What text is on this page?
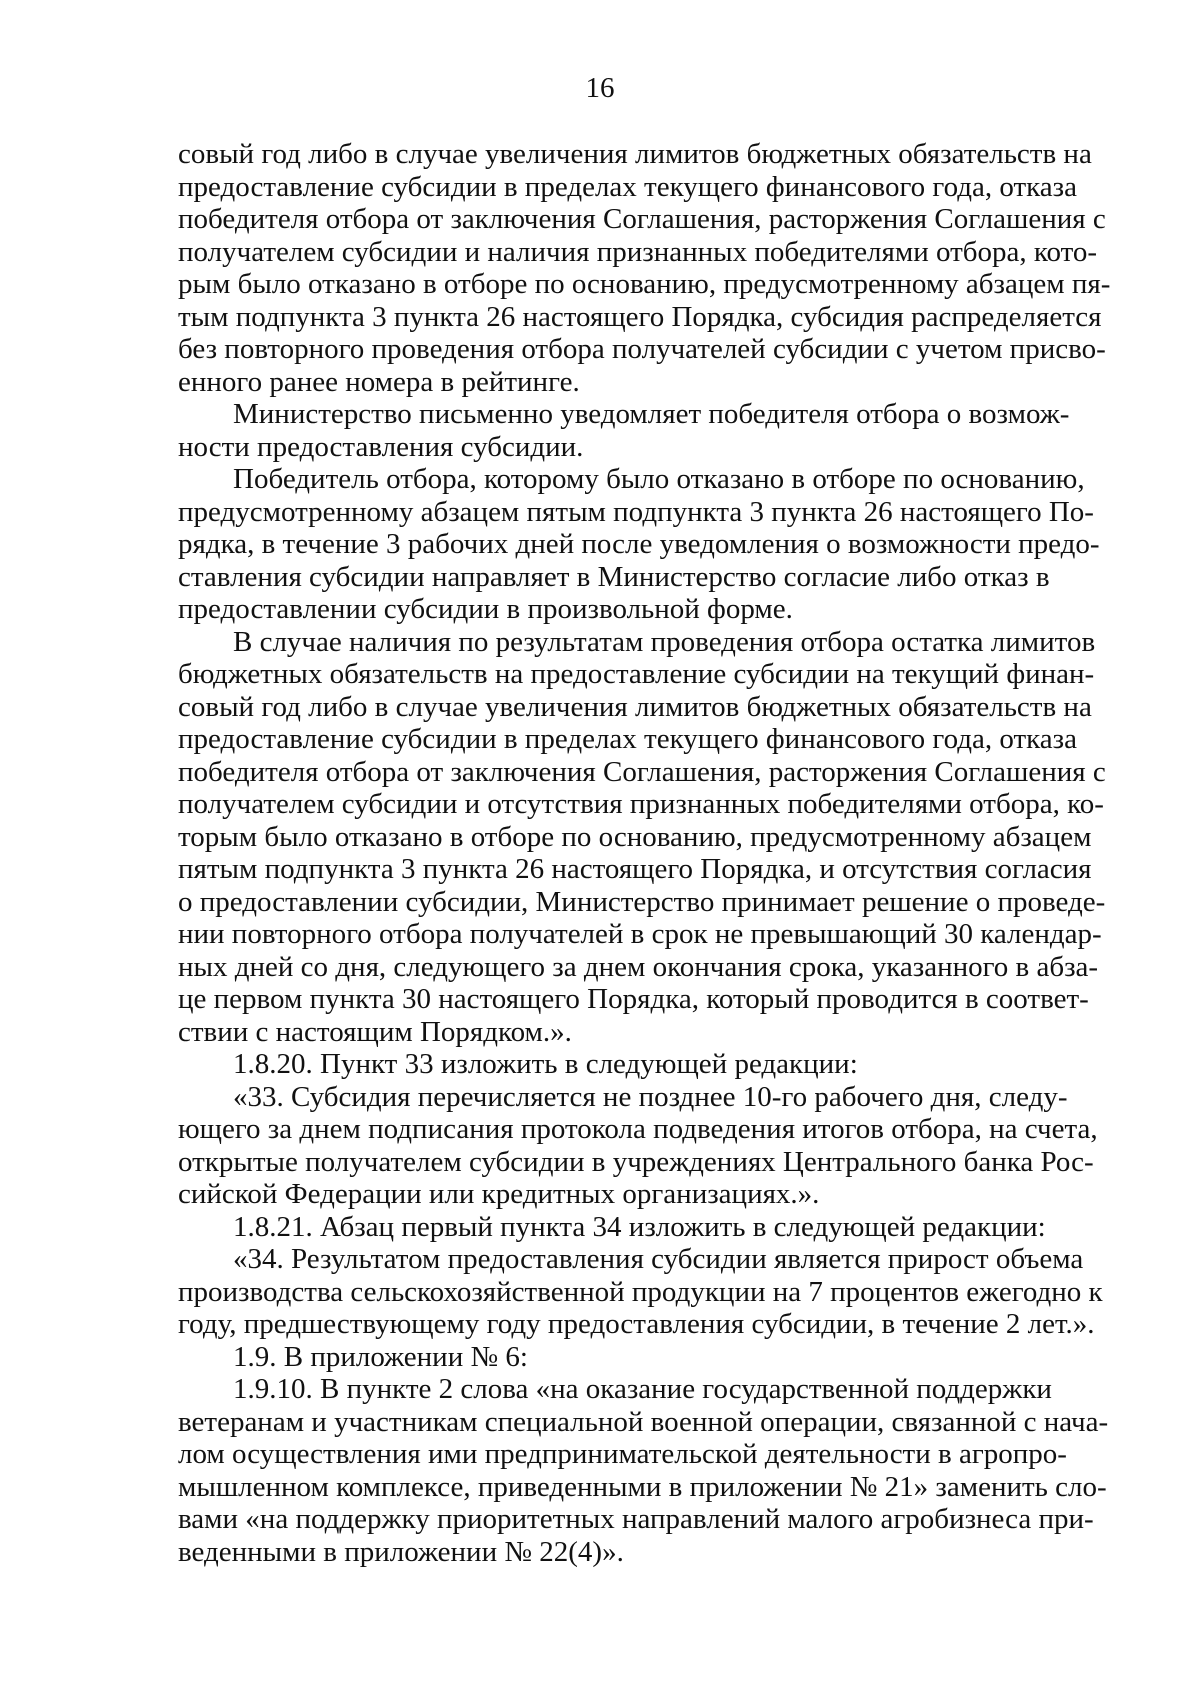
16
совый год либо в случае увеличения лимитов бюджетных обязательств на
предоставление субсидии в пределах текущего финансового года, отказа
победителя отбора от заключения Соглашения, расторжения Соглашения с
получателем субсидии и наличия признанных победителями отбора, кото-
рым было отказано в отборе по основанию, предусмотренному абзацем пя-
тым подпункта 3 пункта 26 настоящего Порядка, субсидия распределяется
без повторного проведения отбора получателей субсидии с учетом присво-
енного ранее номера в рейтинге.
Министерство письменно уведомляет победителя отбора о возмож-
ности предоставления субсидии.
Победитель отбора, которому было отказано в отборе по основанию,
предусмотренному абзацем пятым подпункта 3 пункта 26 настоящего По-
рядка, в течение 3 рабочих дней после уведомления о возможности предо-
ставления субсидии направляет в Министерство согласие либо отказ в
предоставлении субсидии в произвольной форме.
В случае наличия по результатам проведения отбора остатка лимитов
бюджетных обязательств на предоставление субсидии на текущий финан-
совый год либо в случае увеличения лимитов бюджетных обязательств на
предоставление субсидии в пределах текущего финансового года, отказа
победителя отбора от заключения Соглашения, расторжения Соглашения с
получателем субсидии и отсутствия признанных победителями отбора, ко-
торым было отказано в отборе по основанию, предусмотренному абзацем
пятым подпункта 3 пункта 26 настоящего Порядка, и отсутствия согласия
о предоставлении субсидии, Министерство принимает решение о проведе-
нии повторного отбора получателей в срок не превышающий 30 календар-
ных дней со дня, следующего за днем окончания срока, указанного в абза-
це первом пункта 30 настоящего Порядка, который проводится в соответ-
ствии с настоящим Порядком.».
1.8.20. Пункт 33 изложить в следующей редакции:
«33. Субсидия перечисляется не позднее 10-го рабочего дня, следу-
ющего за днем подписания протокола подведения итогов отбора, на счета,
открытые получателем субсидии в учреждениях Центрального банка Рос-
сийской Федерации или кредитных организациях.».
1.8.21. Абзац первый пункта 34 изложить в следующей редакции:
«34. Результатом предоставления субсидии является прирост объема
производства сельскохозяйственной продукции на 7 процентов ежегодно к
году, предшествующему году предоставления субсидии, в течение 2 лет.».
1.9. В приложении № 6:
1.9.10. В пункте 2 слова «на оказание государственной поддержки
ветеранам и участникам специальной военной операции, связанной с нача-
лом осуществления ими предпринимательской деятельности в агропро-
мышленном комплексе, приведенными в приложении № 21» заменить сло-
вами «на поддержку приоритетных направлений малого агробизнеса при-
веденными в приложении № 22(4)».
